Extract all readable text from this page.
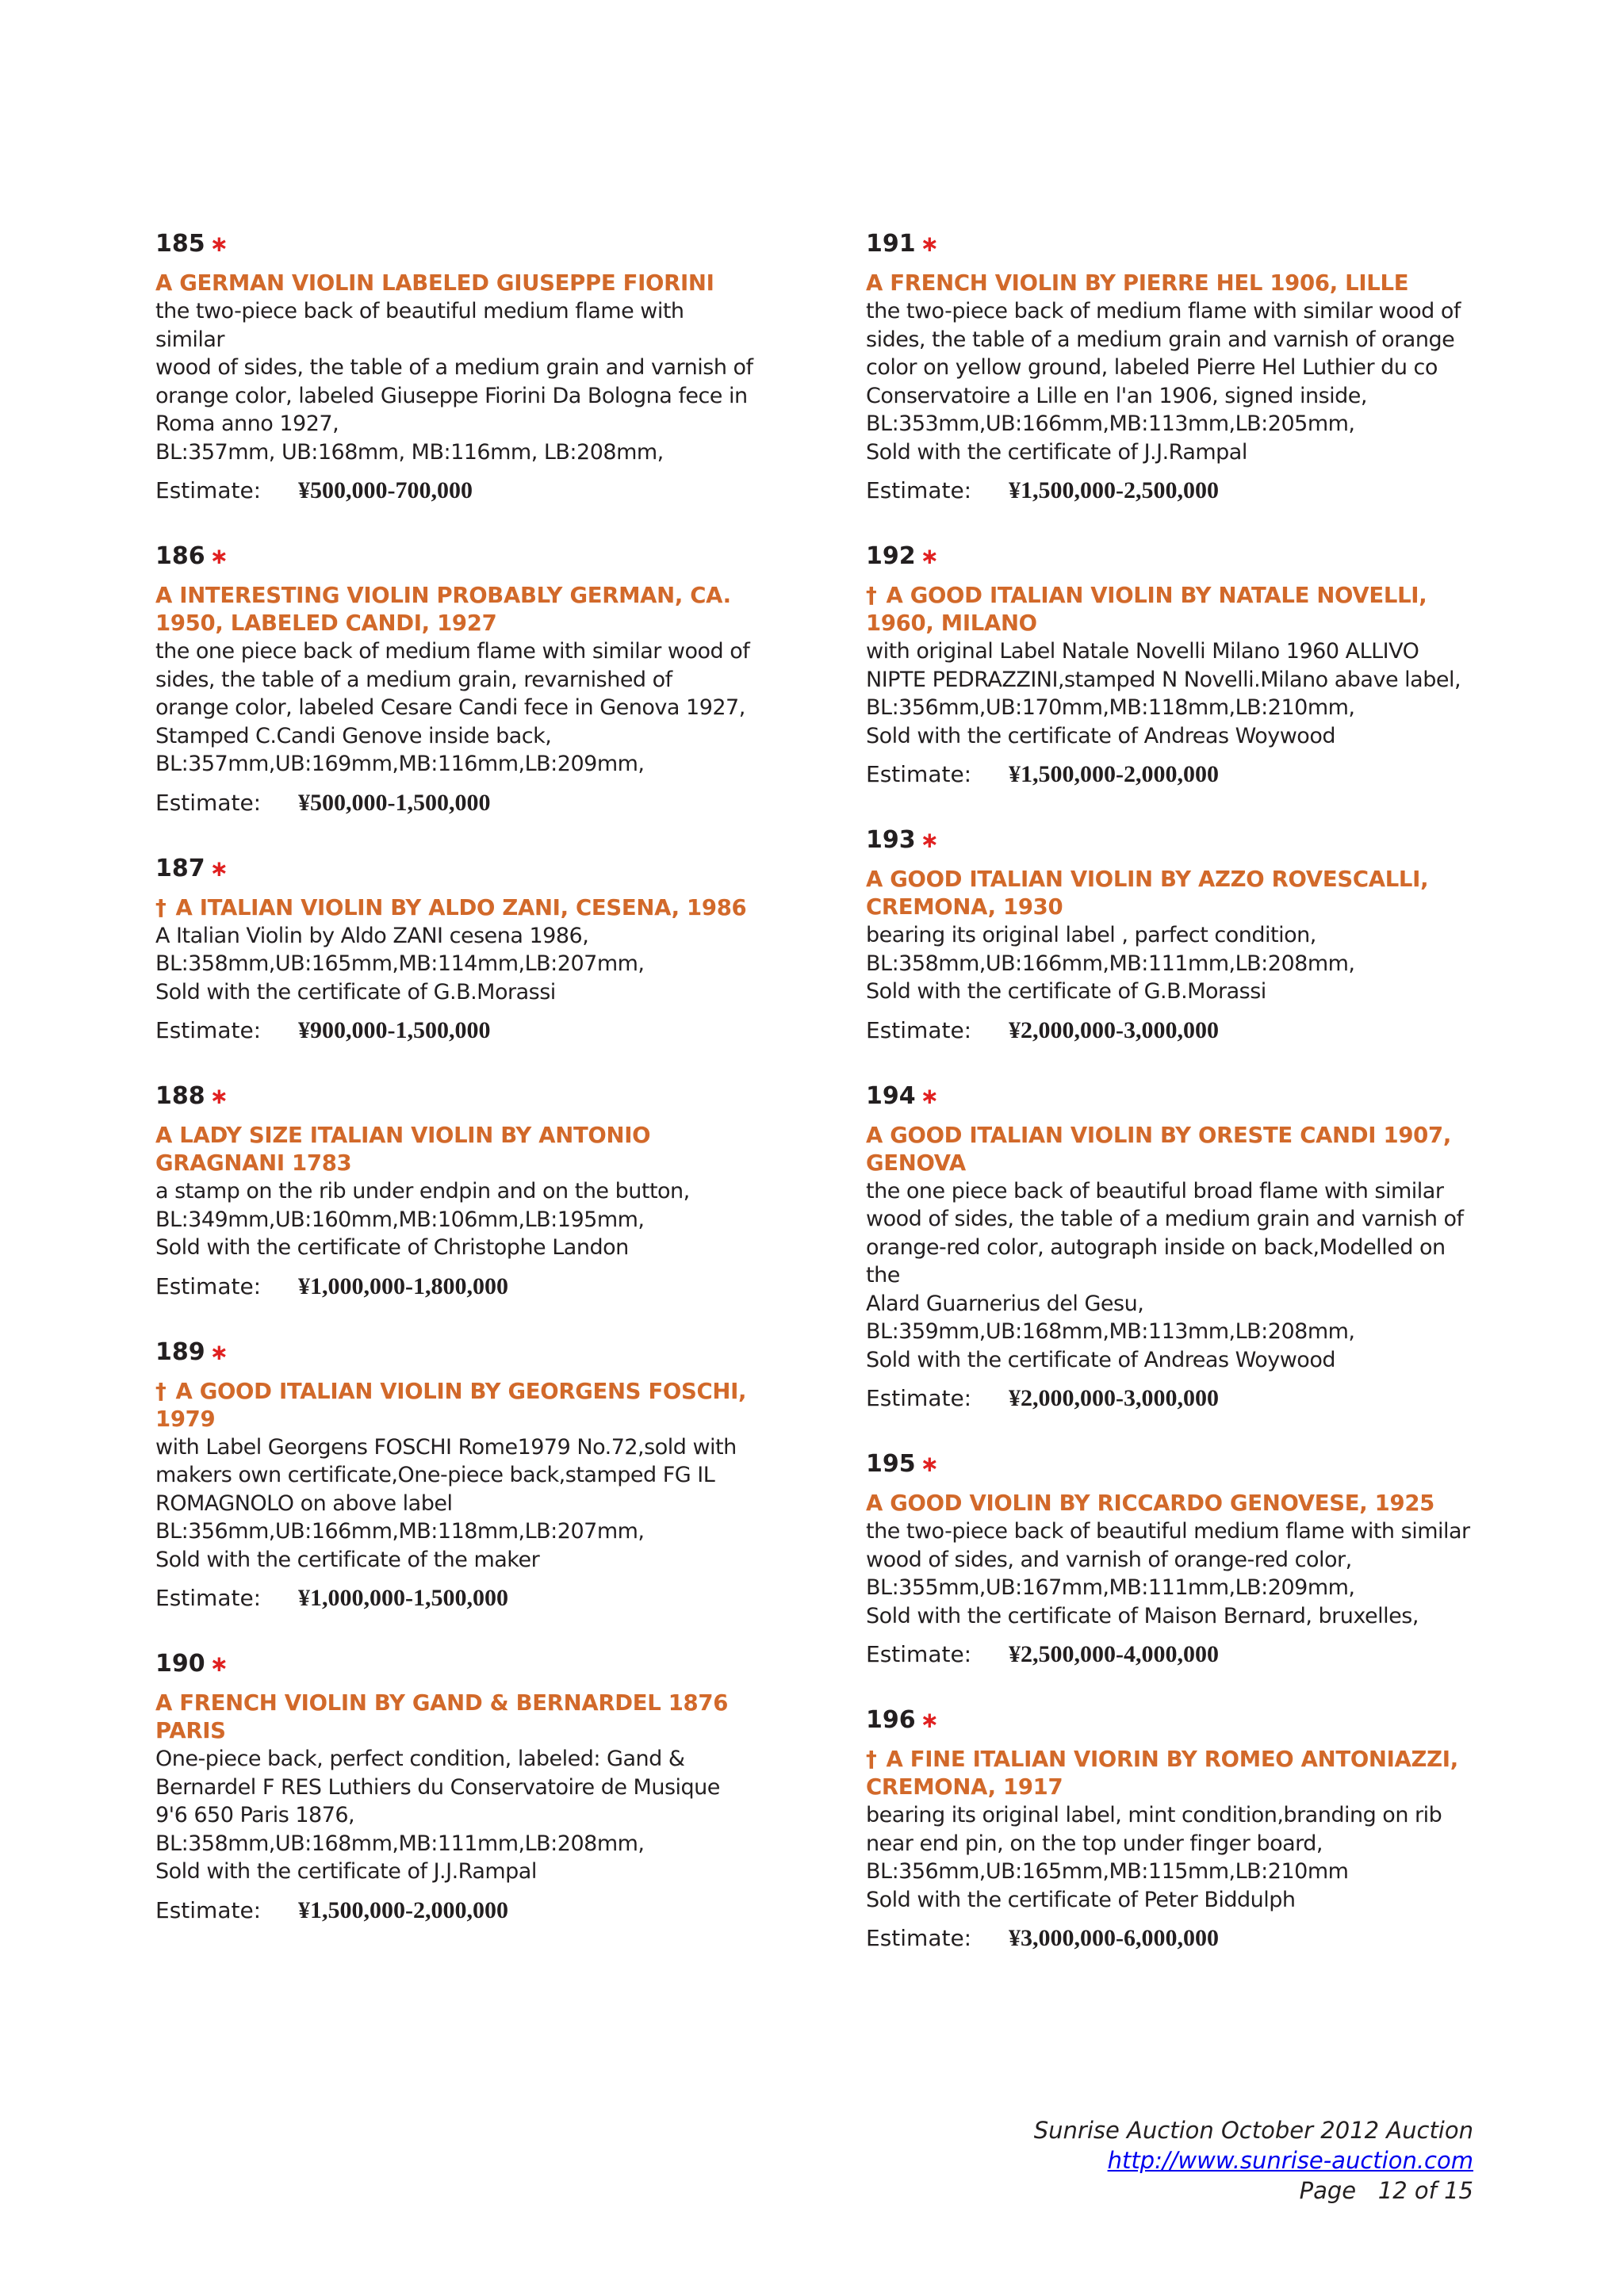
185 ∗
A GERMAN VIOLIN LABELED GIUSEPPE FIORINI
the two-piece back of beautiful medium flame with similar
wood of sides, the table of a medium grain and varnish of
orange color, labeled Giuseppe Fiorini Da Bologna fece in
Roma anno 1927,
BL:357mm, UB:168mm, MB:116mm, LB:208mm,
Estimate: ¥500,000-700,000
186 ∗
A INTERESTING VIOLIN PROBABLY GERMAN, CA.
1950, LABELED CANDI, 1927
the one piece back of medium flame with similar wood of
sides, the table of a medium grain, revarnished of
orange color, labeled Cesare Candi fece in Genova 1927,
Stamped C.Candi Genove inside back,
BL:357mm,UB:169mm,MB:116mm,LB:209mm,
Estimate: ¥500,000-1,500,000
187 ∗
† A ITALIAN VIOLIN BY ALDO ZANI, CESENA, 1986
A Italian Violin by Aldo ZANI cesena 1986,
BL:358mm,UB:165mm,MB:114mm,LB:207mm,
Sold with the certificate of G.B.Morassi
Estimate: ¥900,000-1,500,000
188 ∗
A LADY SIZE ITALIAN VIOLIN BY ANTONIO
GRAGNANI 1783
a stamp on the rib under endpin and on the button,
BL:349mm,UB:160mm,MB:106mm,LB:195mm,
Sold with the certificate of Christophe Landon
Estimate: ¥1,000,000-1,800,000
189 ∗
† A GOOD ITALIAN VIOLIN BY GEORGENS FOSCHI,
1979
with Label Georgens FOSCHI Rome1979 No.72,sold with
makers own certificate,One-piece back,stamped FG IL
ROMAGNOLO on above label
BL:356mm,UB:166mm,MB:118mm,LB:207mm,
Sold with the certificate of the maker
Estimate: ¥1,000,000-1,500,000
190 ∗
A FRENCH VIOLIN BY GAND & BERNARDEL 1876
PARIS
One-piece back, perfect condition, labeled: Gand &
Bernardel F RES Luthiers du Conservatoire de Musique
9'6 650 Paris 1876,
BL:358mm,UB:168mm,MB:111mm,LB:208mm,
Sold with the certificate of J.J.Rampal
Estimate: ¥1,500,000-2,000,000
191 ∗
A FRENCH VIOLIN BY PIERRE HEL 1906, LILLE
the two-piece back of medium flame with similar wood of
sides, the table of a medium grain and varnish of orange
color on yellow ground, labeled Pierre Hel Luthier du co
Conservatoire a Lille en l'an 1906, signed inside,
BL:353mm,UB:166mm,MB:113mm,LB:205mm,
Sold with the certificate of J.J.Rampal
Estimate: ¥1,500,000-2,500,000
192 ∗
† A GOOD ITALIAN VIOLIN BY NATALE NOVELLI,
1960, MILANO
with original Label Natale Novelli Milano 1960 ALLIVO
NIPTE PEDRAZZINI,stamped N Novelli.Milano abave label,
BL:356mm,UB:170mm,MB:118mm,LB:210mm,
Sold with the certificate of Andreas Woywood
Estimate: ¥1,500,000-2,000,000
193 ∗
A GOOD ITALIAN VIOLIN BY AZZO ROVESCALLI,
CREMONA, 1930
bearing its original label , parfect condition,
BL:358mm,UB:166mm,MB:111mm,LB:208mm,
Sold with the certificate of G.B.Morassi
Estimate: ¥2,000,000-3,000,000
194 ∗
A GOOD ITALIAN VIOLIN BY ORESTE CANDI 1907,
GENOVA
the one piece back of beautiful broad flame with similar
wood of sides, the table of a medium grain and varnish of
orange-red color, autograph inside on back,Modelled on the
Alard Guarnerius del Gesu,
BL:359mm,UB:168mm,MB:113mm,LB:208mm,
Sold with the certificate of Andreas Woywood
Estimate: ¥2,000,000-3,000,000
195 ∗
A GOOD VIOLIN BY RICCARDO GENOVESE, 1925
the two-piece back of beautiful medium flame with similar
wood of sides, and varnish of orange-red color,
BL:355mm,UB:167mm,MB:111mm,LB:209mm,
Sold with the certificate of Maison Bernard, bruxelles,
Estimate: ¥2,500,000-4,000,000
196 ∗
† A FINE ITALIAN VIORIN BY ROMEO ANTONIAZZI,
CREMONA, 1917
bearing its original label, mint condition,branding on rib
near end pin, on the top under finger board,
BL:356mm,UB:165mm,MB:115mm,LB:210mm
Sold with the certificate of Peter Biddulph
Estimate: ¥3,000,000-6,000,000
Sunrise Auction October 2012 Auction
http://www.sunrise-auction.com
Page 12 of 15
